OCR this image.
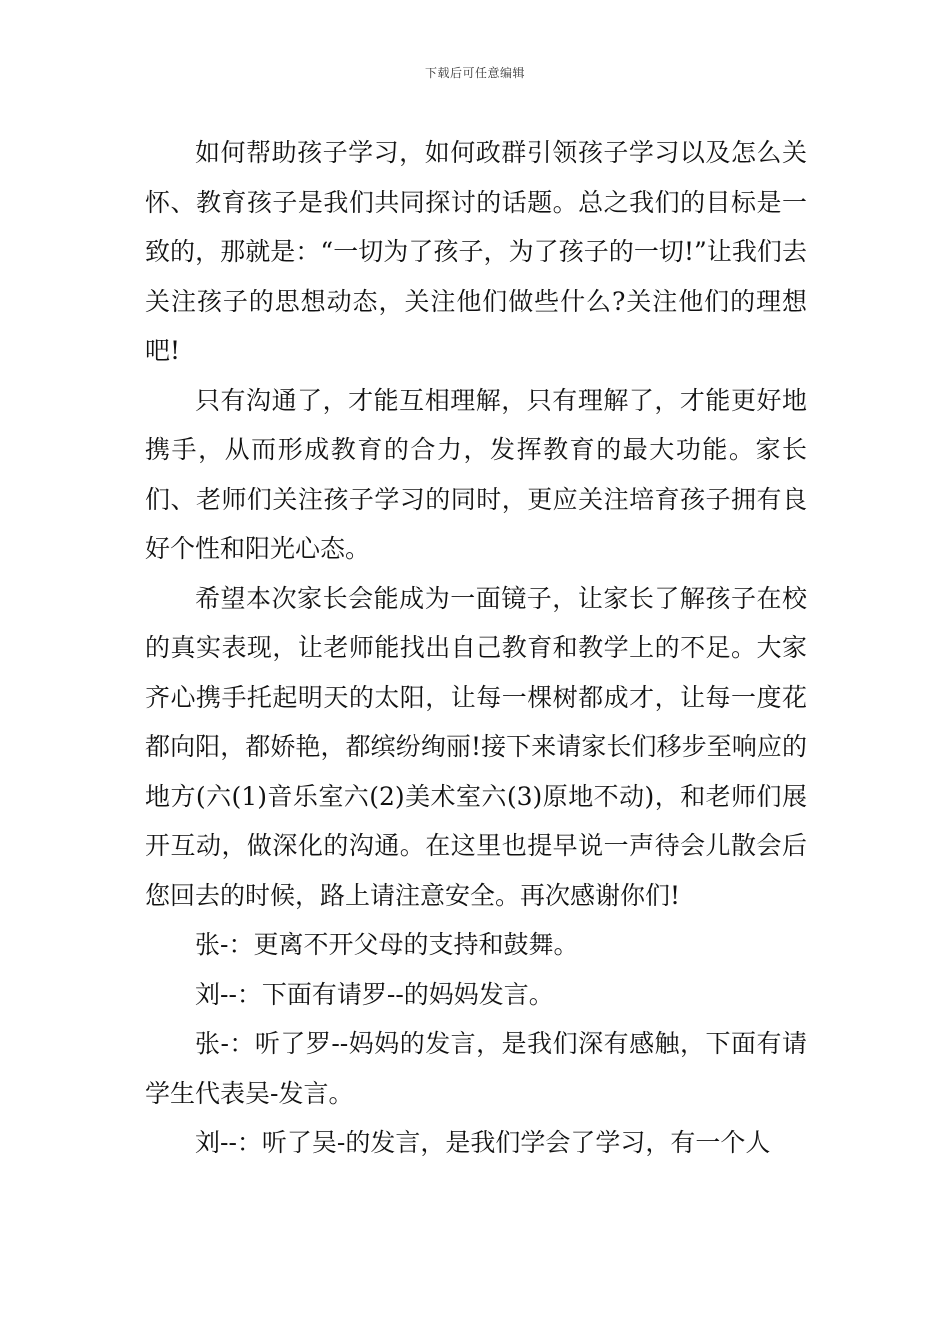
下载后可任意编辑

如何帮助孩子学习，如何政群引领孩子学习以及怎么关怀、教育孩子是我们共同探讨的话题。总之我们的目标是一致的，那就是：“一切为了孩子，为了孩子的一切!”让我们去关注孩子的思想动态，关注他们做些什么?关注他们的理想吧!

只有沟通了，才能互相理解，只有理解了，才能更好地携手，从而形成教育的合力，发挥教育的最大功能。家长们、老师们关注孩子学习的同时，更应关注培育孩子拥有良好个性和阳光心态。

希望本次家长会能成为一面镜子，让家长了解孩子在校的真实表现，让老师能找出自己教育和教学上的不足。大家齐心携手托起明天的太阳，让每一棵树都成才，让每一度花都向阳，都娇艳，都缤纷绚丽!接下来请家长们移步至响应的地方(六(1)音乐室六(2)美术室六(3)原地不动)，和老师们展开互动，做深化的沟通。在这里也提早说一声待会儿散会后您回去的时候，路上请注意安全。再次感谢你们!

张-：更离不开父母的支持和鼓舞。

刘--：下面有请罗--的妈妈发言。

张-：听了罗--妈妈的发言，是我们深有感触，下面有请学生代表吴-发言。

刘--：听了吴-的发言，是我们学会了学习，有一个人
